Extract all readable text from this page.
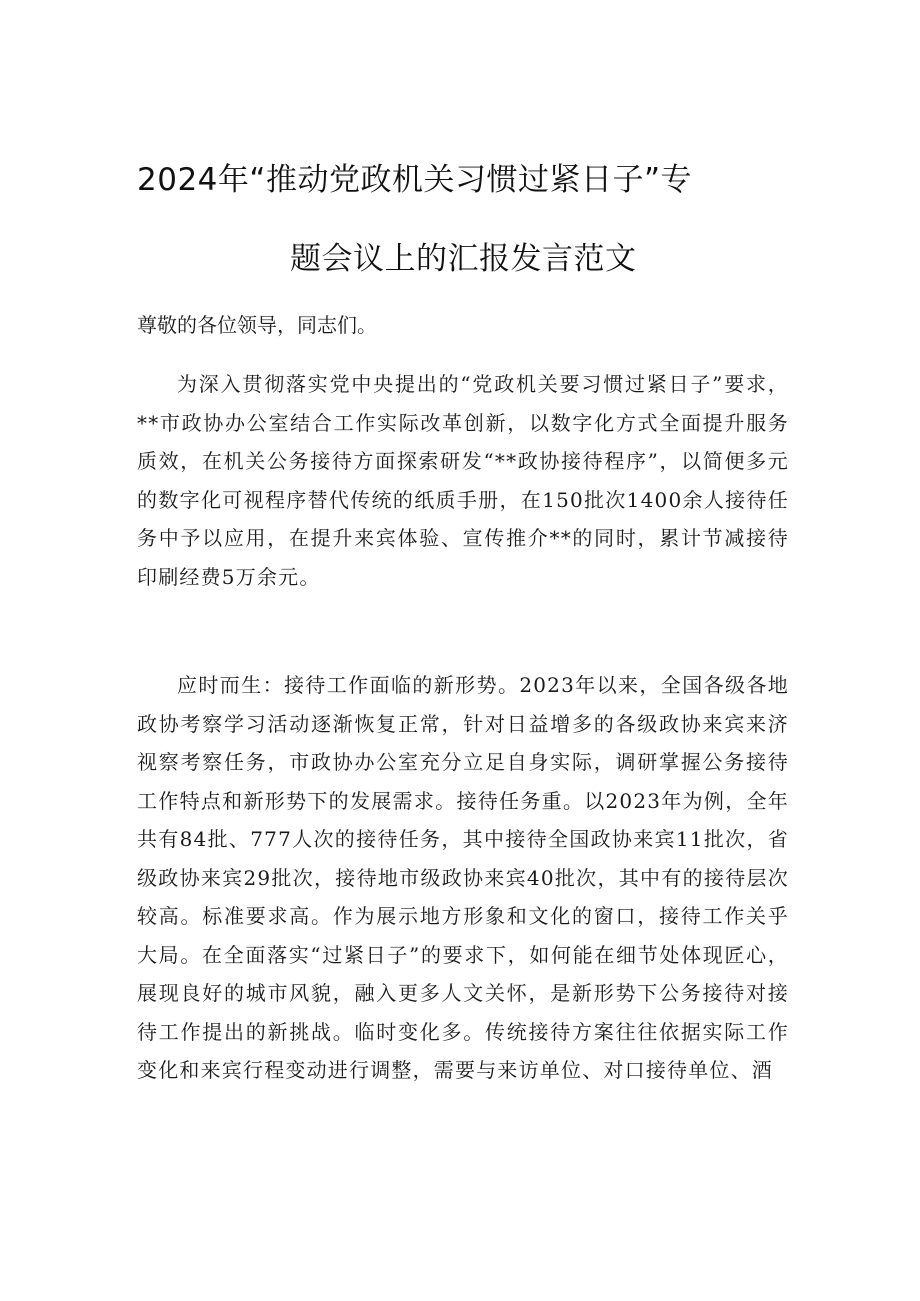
2024年“推动党政机关习惯过紧日子”专
题会议上的汇报发言范文
尊敬的各位领导，同志们。

为深入贯彻落实党中央提出的“党政机关要习惯过紧日子”要求，**市政协办公室结合工作实际改革创新，以数字化方式全面提升服务质效，在机关公务接待方面探索研发“**政协接待程序”，以简便多元的数字化可视程序替代传统的纸质手册，在150批次1400余人接待任务中予以应用，在提升来宾体验、宣传推介**的同时，累计节减接待印刷经费5万余元。

应时而生：接待工作面临的新形势。2023年以来，全国各级各地政协考察学习活动逐渐恢复正常，针对日益增多的各级政协来宾来济视察考察任务，市政协办公室充分立足自身实际，调研掌握公务接待工作特点和新形势下的发展需求。接待任务重。以2023年为例，全年共有84批、777人次的接待任务，其中接待全国政协来宾11批次，省级政协来宾29批次，接待地市级政协来宾40批次，其中有的接待层次较高。标准要求高。作为展示地方形象和文化的窗口，接待工作关乎大局。在全面落实“过紧日子”的要求下，如何能在细节处体现匠心，展现良好的城市风貌，融入更多人文关怀，是新形势下公务接待对接待工作提出的新挑战。临时变化多。传统接待方案往往依据实际工作变化和来宾行程变动进行调整，需要与来访单位、对口接待单位、酒
